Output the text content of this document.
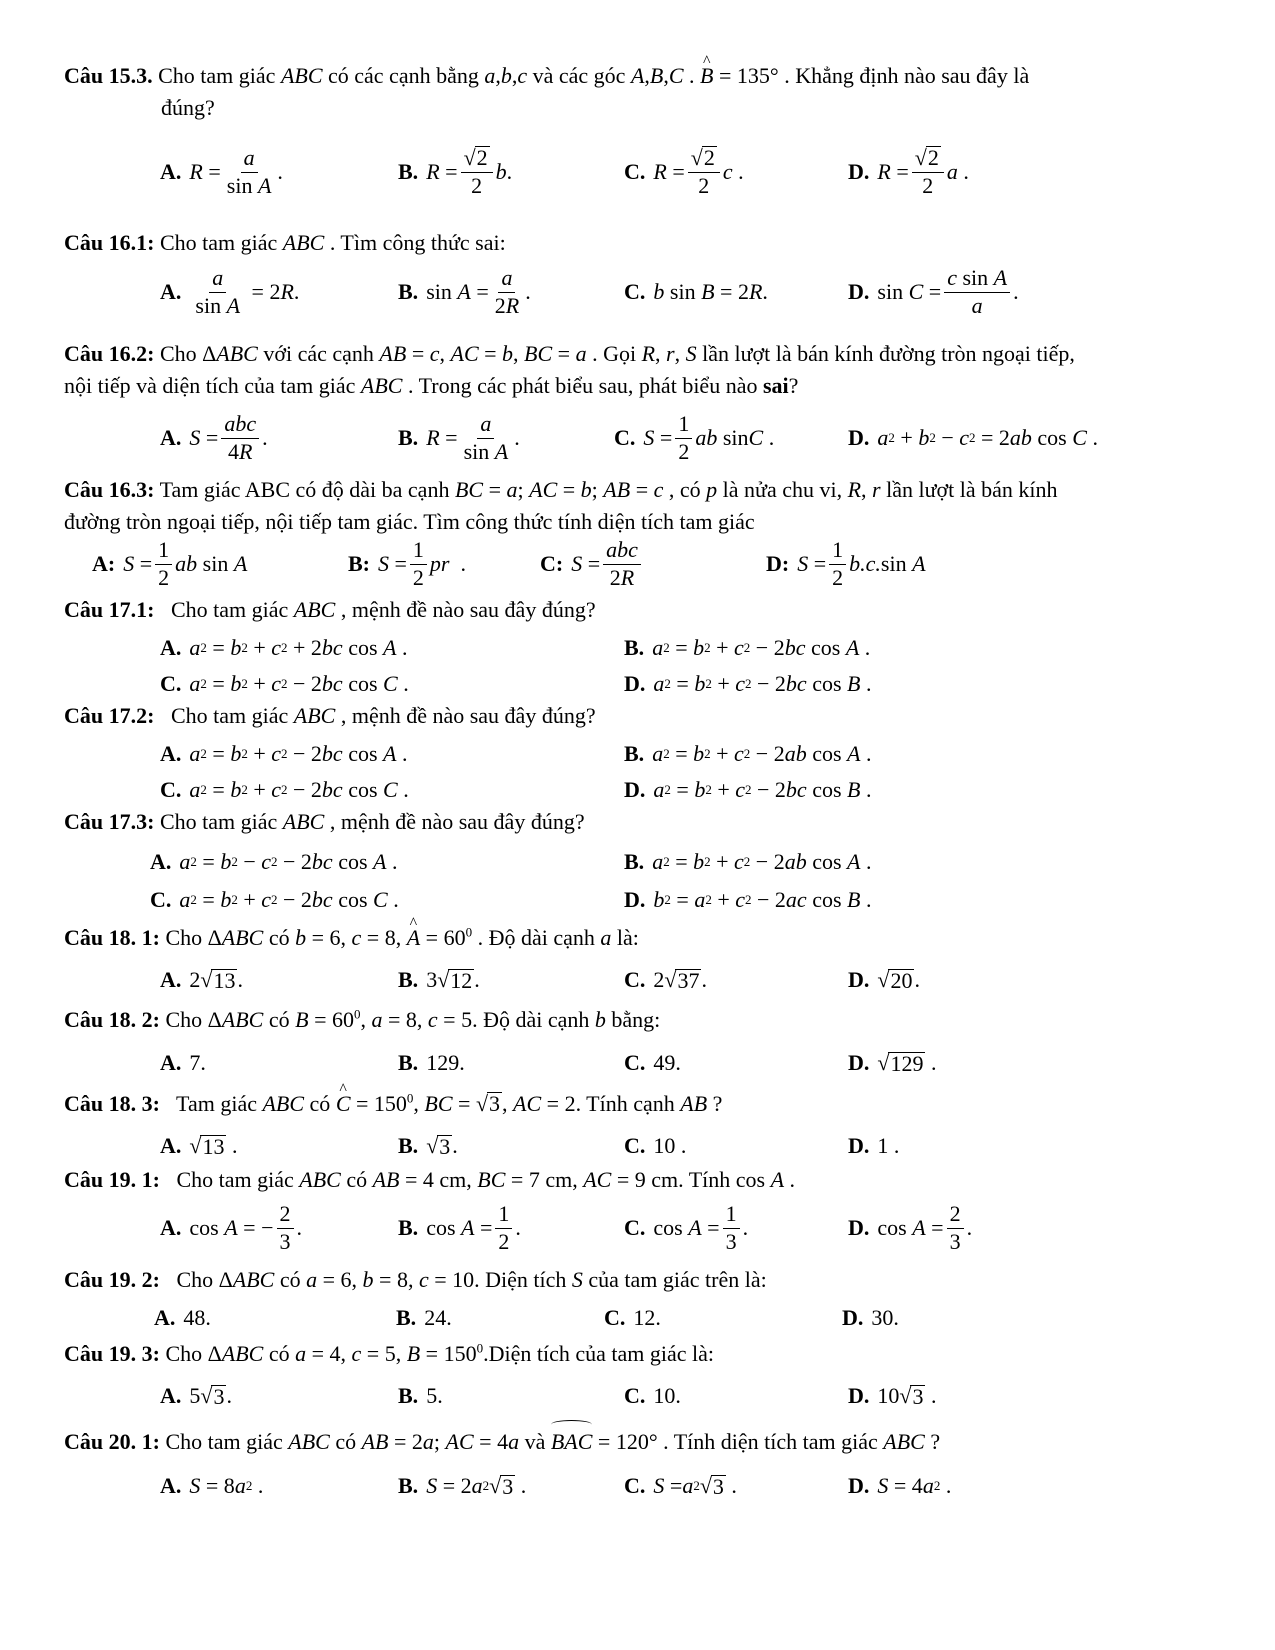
Câu 15.3. Cho tam giác ABC có các cạnh bằng a,b,c và các góc A,B,C . ^ B = 135° . Khẳng định nào sau đây là
đúng?
A. $R = \frac{a}{\text{sin A}}$ .	B. $R = \frac{√2}{2}$ b .	C. $R = \frac{√2}{2}$ c .	D. $R = \frac{√2}{2}$ a .
Câu 16.1: Cho tam giác ABC . Tìm công thức sai:
A. $\frac{a}{\text{sin A}} = 2$ R .	B. $\sin A = \frac{a}{2R}$ .	C. b sin B = 2 R .	D. $\sin C = \frac{\text{c sin A}}{a}$ .
Câu 16.2: Cho ΔABC với các cạnh AB = c, AC = b, BC = a . Gọi R, r, S lần lượt là bán kính đường tròn ngoại tiếp,
nội tiếp và diện tích của tam giác ABC . Trong các phát biểu sau, phát biểu nào sai?
A. $S = \frac{\text{abc}}{4R}$ .	B. $R = \frac{a}{\text{sin A}}$ .	C. $S = \frac{1}{2}$ ab sin C .	D. a 2 + b 2 − c 2 = 2 ab cos C .
Câu 16.3: Tam giác ABC có độ dài ba cạnh BC = a; AC = b; AB = c , có p là nửa chu vi, R, r lần lượt là bán kính
đường tròn ngoại tiếp, nội tiếp tam giác. Tìm công thức tính diện tích tam giác
A: $S = \frac{1}{2}$ ab sin A	B: $S = \frac{1}{2}$ pr .	C: $S = \frac{\text{abc}}{2R}$	D: $S = \frac{1}{2} b.c$. sin A
Câu 17.1:   Cho tam giác ABC , mệnh đề nào sau đây đúng?
A. a 2 = b 2 + c 2 + 2 bc cos A .	B. a 2 = b 2 + c 2 − 2 bc cos A .
C. a 2 = b 2 + c 2 − 2 bc cos C .	D. a 2 = b 2 + c 2 − 2 bc cos B .
Câu 17.2:   Cho tam giác ABC , mệnh đề nào sau đây đúng?
A. a 2 = b 2 + c 2 − 2 bc cos A .	B. a 2 = b 2 + c 2 − 2 ab cos A .
C. a 2 = b 2 + c 2 − 2 bc cos C .	D. a 2 = b 2 + c 2 − 2 bc cos B .
Câu 17.3: Cho tam giác ABC , mệnh đề nào sau đây đúng?
A. a 2 = b 2 − c 2 − 2 bc cos A .	B. a 2 = b 2 + c 2 − 2 ab cos A .
C. a 2 = b 2 + c 2 − 2 bc cos C .	D. b 2 = a 2 + c 2 − 2 ac cos B .
Câu 18. 1: Cho ΔABC có b = 6, c = 8, ^ $A = 60^0$ . Độ dài cạnh a là:
A. 2√ 13 .	B. 3√ 12 .	C. 2√ 37 .	D. √ 20 .
Câu 18. 2: Cho ΔABC có $B = 60^0$, a = 8, c = 5. Độ dài cạnh b bằng:
A. 7.	B. 129.	C. 49.	D. √ 129 .
Câu 18. 3:   Tam giác ABC có ^ $C = 150^0$, BC = √3, AC = 2. Tính cạnh AB ?
A. √ 13 .	B. √ 3 .	C. 10 .	D. 1 .
Câu 19. 1:   Cho tam giác ABC có AB = 4 cm, BC = 7 cm, AC = 9 cm. Tính cos A .
A. cos A = − $\frac{2}{3}$ .	B. $\cos A = \frac{1}{2}$ .	C. $\cos A = \frac{1}{3}$ .	D. $\cos A = \frac{2}{3}$ .
Câu 19. 2:   Cho ΔABC có a = 6, b = 8, c = 10. Diện tích S của tam giác trên là:
A. 48.	B. 24.	C. 12.	D. 30.
Câu 19. 3: Cho ΔABC có a = 4, c = 5, $B = 150^0.Diện$ tích của tam giác là:
A. 5√ 3 .	B. 5.	C. 10.	D. 10√ 3 .
Câu 20. 1: Cho tam giác ABC có AB = 2a; AC = 4a và BAC = 120° . Tính diện tích tam giác ABC ?
A. S = 8 a 2 .	B. S = 2 a 2 √ 3 .	C. S = a 2 √ 3 .	D. S = 4 a 2 .
